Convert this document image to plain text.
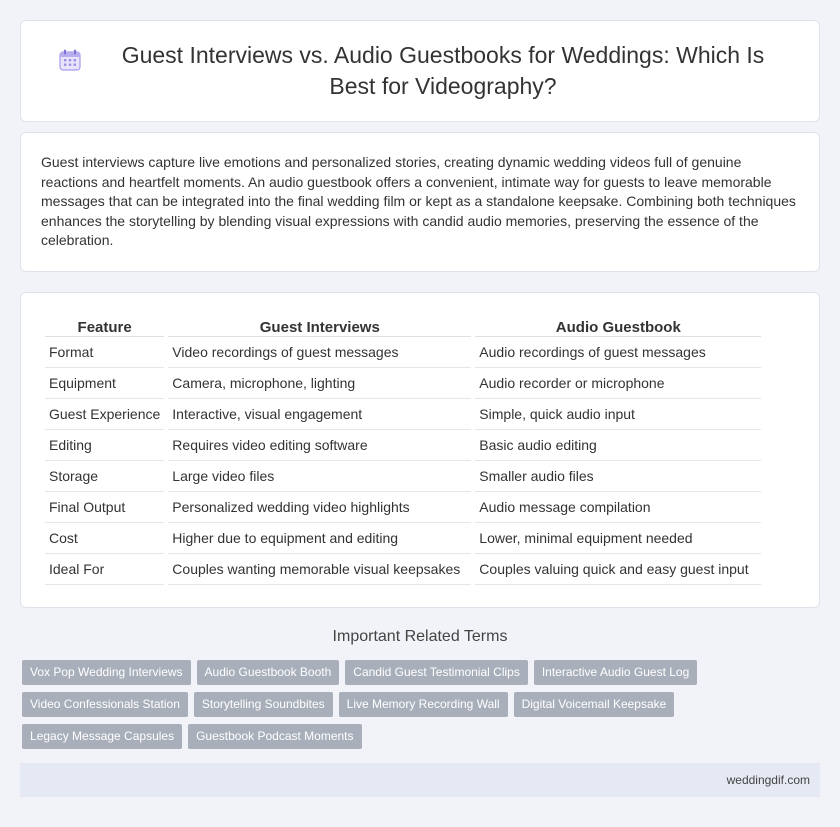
Guest Interviews vs. Audio Guestbooks for Weddings: Which Is Best for Videography?

Guest interviews capture live emotions and personalized stories, creating dynamic wedding videos full of genuine reactions and heartfelt moments. An audio guestbook offers a convenient, intimate way for guests to leave memorable messages that can be integrated into the final wedding film or kept as a standalone keepsake. Combining both techniques enhances the storytelling by blending visual expressions with candid audio memories, preserving the essence of the celebration.

Feature	Guest Interviews	Audio Guestbook
Format	Video recordings of guest messages	Audio recordings of guest messages
Equipment	Camera, microphone, lighting	Audio recorder or microphone
Guest Experience	Interactive, visual engagement	Simple, quick audio input
Editing	Requires video editing software	Basic audio editing
Storage	Large video files	Smaller audio files
Final Output	Personalized wedding video highlights	Audio message compilation
Cost	Higher due to equipment and editing	Lower, minimal equipment needed
Ideal For	Couples wanting memorable visual keepsakes	Couples valuing quick and easy guest input
Important Related Terms
Vox Pop Wedding Interviews	Audio Guestbook Booth	Candid Guest Testimonial Clips	Interactive Audio Guest Log
Video Confessionals Station	Storytelling Soundbites	Live Memory Recording Wall	Digital Voicemail Keepsake
Legacy Message Capsules	Guestbook Podcast Moments
weddingdif.com
